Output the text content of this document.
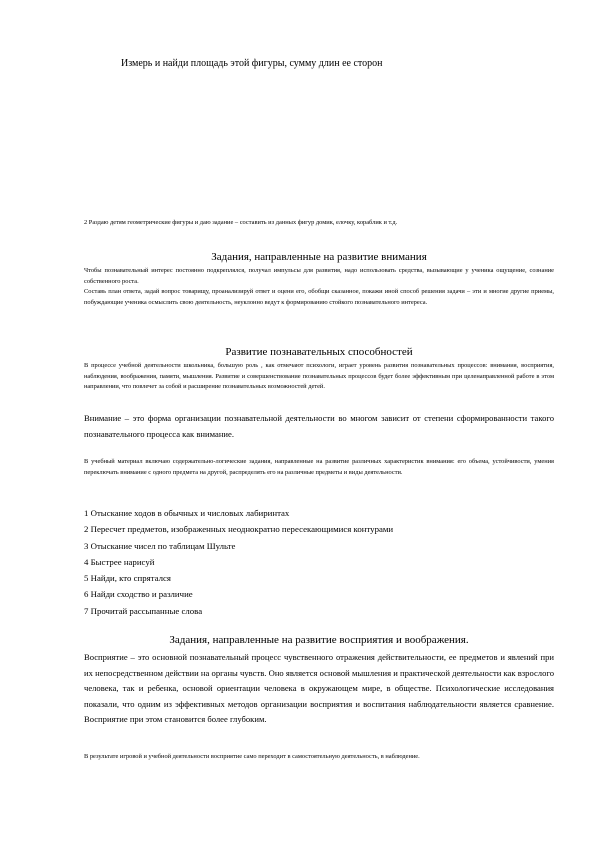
Измерь и найди площадь этой фигуры, сумму длин ее сторон
2 Раздаю детям геометрические фигуры и даю задание – составить из данных фигур домик, елочку, кораблик и т.д.
Задания, направленные на развитие внимания

Чтобы познавательный интерес постоянно подкреплялся, получал импульсы для развития, надо использовать средства, вызывающие у ученика ощущение, сознание собственного роста.

Составь план ответа, задай вопрос товарищу, проанализируй ответ и оцени его, обобщи сказанное, покажи иной способ решения задачи – эти и многие другие приемы, побуждающие ученика осмыслить свою деятельность, неуклонно ведут к формированию стойкого познавательного интереса.

Развитие познавательных способностей

В процессе учебной деятельности школьника, большую роль , как отмечают психологи, играет уровень развития познавательных процессов: внимания, восприятия, наблюдения, воображения, памяти, мышления. Развитие и совершенствование познавательных процессов будет более эффективным при целенаправленной работе в этом направлении, что повлечет за собой и расширение познавательных возможностей детей.

Внимание – это форма организации познавательной деятельности во многом зависит от степени сформированности такого познавательного процесса как внимание.

В учебный материал включаю содержательно-логические задания, направленные на развитие различных характеристик внимания: его объема, устойчивости, умения переключать внимание с одного предмета на другой, распределять его на различные предметы и виды деятельности.

1 Отыскание ходов в обычных и числовых лабиринтах
2 Пересчет предметов, изображенных неоднократно пересекающимися контурами
3 Отыскание чисел по таблицам Шульте
4 Быстрее нарисуй
5 Найди, кто спрятался
6 Найди сходство и различие
7 Прочитай рассыпанные слова
Задания, направленные на развитие восприятия и воображения.

Восприятие – это основной познавательный процесс чувственного отражения действительности, ее предметов и явлений при их непосредственном действии на органы чувств. Оно является основой мышления и практической деятельности как взрослого человека, так и ребенка, основой ориентации человека в окружающем мире, в обществе. Психологические исследования показали, что одним из эффективных методов организации восприятия и воспитания наблюдательности является сравнение. Восприятие при этом становится более глубоким.

В результате игровой и учебной деятельности восприятие само переходит в самостоятельную деятельность, в наблюдение.
